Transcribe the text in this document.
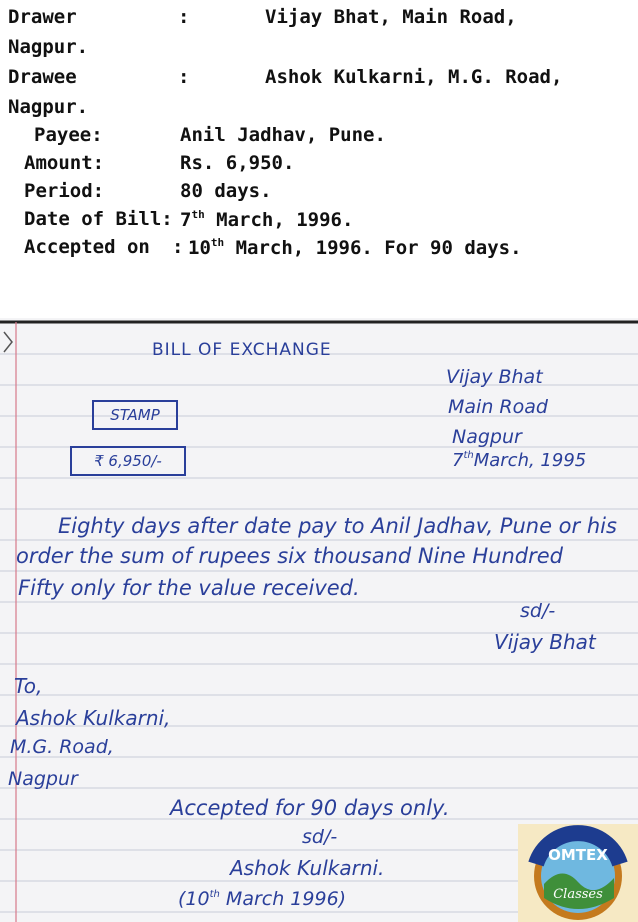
Drawer	:	Vijay Bhat, Main Road,
Nagpur.
Drawee	:	Ashok Kulkarni, M.G. Road,
Nagpur.
Payee:	Anil Jadhav, Pune.
Amount:	Rs. 6,950.
Period:	80 days.
Date of Bill: 7th March, 1996.
Accepted on : 10th March, 1996. For 90 days.
BILL OF EXCHANGE
STAMP
₹ 6,950/-
Vijay Bhat
Main Road
Nagpur
7thMarch, 1995
Eighty days after date pay to Anil Jadhav, Pune or his
order the sum of rupees six thousand Nine Hundred
Fifty only for the value received.
sd/-
Vijay Bhat
To,
Ashok Kulkarni,
M.G. Road,
Nagpur
Accepted for 90 days only.
sd/-
Ashok Kulkarni.
(10th March 1996)
OMTEX
Classes
